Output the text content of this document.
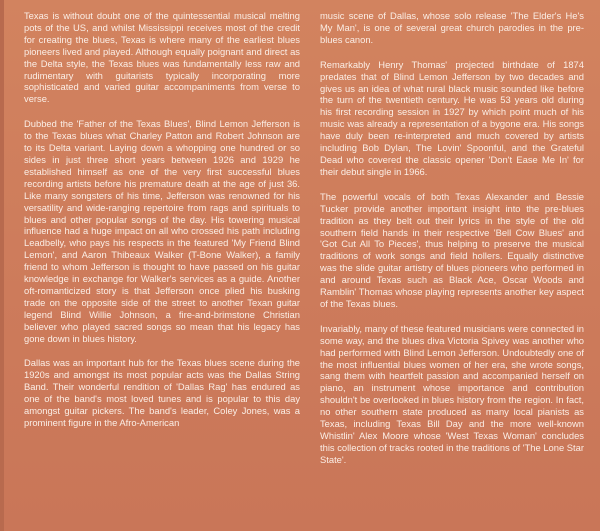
Texas is without doubt one of the quintessential musical melting pots of the US, and whilst Mississippi receives most of the credit for creating the blues, Texas is where many of the earliest blues pioneers lived and played. Although equally poignant and direct as the Delta style, the Texas blues was fundamentally less raw and rudimentary with guitarists typically incorporating more sophisticated and varied guitar accompaniments from verse to verse.

Dubbed the 'Father of the Texas Blues', Blind Lemon Jefferson is to the Texas blues what Charley Patton and Robert Johnson are to its Delta variant. Laying down a whopping one hundred or so sides in just three short years between 1926 and 1929 he established himself as one of the very first successful blues recording artists before his premature death at the age of just 36. Like many songsters of his time, Jefferson was renowned for his versatility and wide-ranging repertoire from rags and spirituals to blues and other popular songs of the day. His towering musical influence had a huge impact on all who crossed his path including Leadbelly, who pays his respects in the featured 'My Friend Blind Lemon', and Aaron Thibeaux Walker (T-Bone Walker), a family friend to whom Jefferson is thought to have passed on his guitar knowledge in exchange for Walker's services as a guide. Another oft-romanticized story is that Jefferson once plied his busking trade on the opposite side of the street to another Texan guitar legend Blind Willie Johnson, a fire-and-brimstone Christian believer who played sacred songs so mean that his legacy has gone down in blues history.

Dallas was an important hub for the Texas blues scene during the 1920s and amongst its most popular acts was the Dallas String Band. Their wonderful rendition of 'Dallas Rag' has endured as one of the band's most loved tunes and is popular to this day amongst guitar pickers. The band's leader, Coley Jones, was a prominent figure in the Afro-American

music scene of Dallas, whose solo release 'The Elder's He's My Man', is one of several great church parodies in the pre-blues canon.

Remarkably Henry Thomas' projected birthdate of 1874 predates that of Blind Lemon Jefferson by two decades and gives us an idea of what rural black music sounded like before the turn of the twentieth century. He was 53 years old during his first recording session in 1927 by which point much of his music was already a representation of a bygone era. His songs have duly been re-interpreted and much covered by artists including Bob Dylan, The Lovin' Spoonful, and the Grateful Dead who covered the classic opener 'Don't Ease Me In' for their debut single in 1966.

The powerful vocals of both Texas Alexander and Bessie Tucker provide another important insight into the pre-blues tradition as they belt out their lyrics in the style of the old southern field hands in their respective 'Bell Cow Blues' and 'Got Cut All To Pieces', thus helping to preserve the musical traditions of work songs and field hollers. Equally distinctive was the slide guitar artistry of blues pioneers who performed in and around Texas such as Black Ace, Oscar Woods and Ramblin' Thomas whose playing represents another key aspect of the Texas blues.

Invariably, many of these featured musicians were connected in some way, and the blues diva Victoria Spivey was another who had performed with Blind Lemon Jefferson. Undoubtedly one of the most influential blues women of her era, she wrote songs, sang them with heartfelt passion and accompanied herself on piano, an instrument whose importance and contribution shouldn't be overlooked in blues history from the region. In fact, no other southern state produced as many local pianists as Texas, including Texas Bill Day and the more well-known Whistlin' Alex Moore whose 'West Texas Woman' concludes this collection of tracks rooted in the traditions of 'The Lone Star State'.
